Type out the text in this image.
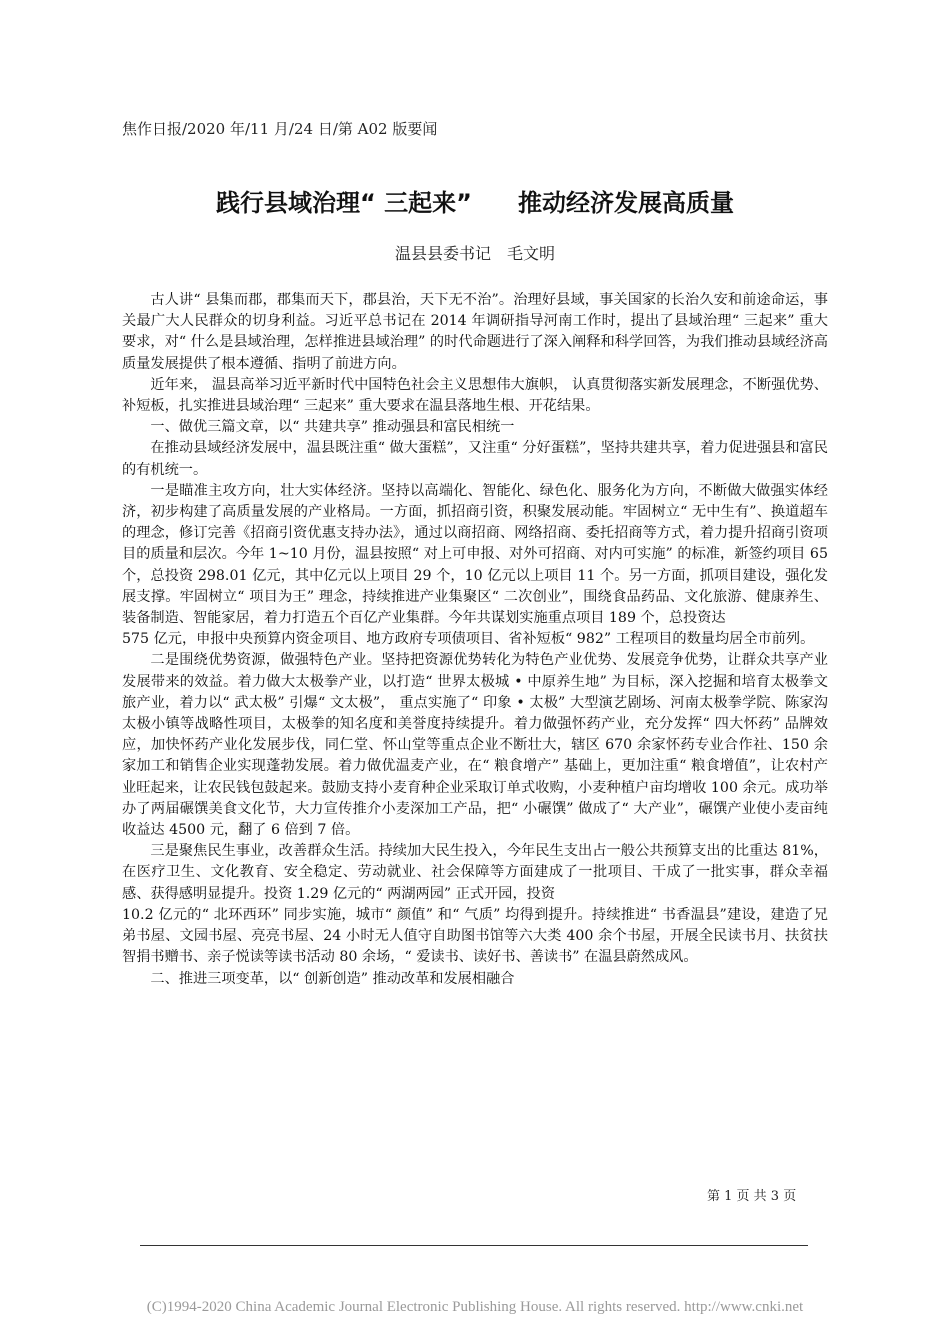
焦作日报/2020 年/11 月/24 日/第 A02 版要闻
践行县域治理“ 三起来” 推动经济发展高质量
温县县委书记 毛文明

古人讲“ 县集而郡，郡集而天下，郡县治，天下无不治”。治理好县域，事关国家的长治久安和前途命运，事关最广大人民群众的切身利益。习近平总书记在 2014 年调研指导河南工作时，提出了县域治理“ 三起来” 重大要求，对“ 什么是县域治理，怎样推进县域治理” 的时代命题进行了深入阐释和科学回答，为我们推动县域经济高质量发展提供了根本遵循、指明了前进方向。

近年来， 温县高举习近平新时代中国特色社会主义思想伟大旗帜， 认真贯彻落实新发展理念，不断强优势、补短板，扎实推进县域治理“ 三起来” 重大要求在温县落地生根、开花结果。

一、做优三篇文章，以“ 共建共享” 推动强县和富民相统一

在推动县域经济发展中，温县既注重“ 做大蛋糕”，又注重“ 分好蛋糕”，坚持共建共享，着力促进强县和富民的有机统一。

一是瞄准主攻方向，壮大实体经济。坚持以高端化、智能化、绿色化、服务化为方向，不断做大做强实体经济，初步构建了高质量发展的产业格局。一方面，抓招商引资，积聚发展动能。牢固树立“ 无中生有”、换道超车的理念，修订完善《招商引资优惠支持办法》，通过以商招商、网络招商、委托招商等方式，着力提升招商引资项目的质量和层次。今年 1~10 月份，温县按照“ 对上可申报、对外可招商、对内可实施” 的标准，新签约项目 65 个，总投资 298.01 亿元，其中亿元以上项目 29 个，10 亿元以上项目 11 个。另一方面，抓项目建设，强化发展支撑。牢固树立“ 项目为王” 理念，持续推进产业集聚区“ 二次创业”，围绕食品药品、文化旅游、健康养生、装备制造、智能家居，着力打造五个百亿产业集群。今年共谋划实施重点项目 189 个，总投资达

575 亿元，申报中央预算内资金项目、地方政府专项债项目、省补短板“ 982” 工程项目的数量均居全市前列。

二是围绕优势资源，做强特色产业。坚持把资源优势转化为特色产业优势、发展竞争优势，让群众共享产业发展带来的效益。着力做大太极拳产业，以打造“ 世界太极城 • 中原养生地” 为目标，深入挖掘和培育太极拳文旅产业，着力以“ 武太极” 引爆“ 文太极”， 重点实施了“ 印象 • 太极” 大型演艺剧场、河南太极拳学院、陈家沟太极小镇等战略性项目，太极拳的知名度和美誉度持续提升。着力做强怀药产业，充分发挥“ 四大怀药” 品牌效应，加快怀药产业化发展步伐，同仁堂、怀山堂等重点企业不断壮大，辖区 670 余家怀药专业合作社、150 余家加工和销售企业实现蓬勃发展。着力做优温麦产业，在“ 粮食增产” 基础上，更加注重“ 粮食增值”，让农村产业旺起来，让农民钱包鼓起来。鼓励支持小麦育种企业采取订单式收购，小麦种植户亩均增收 100 余元。成功举办了两届碾馔美食文化节，大力宣传推介小麦深加工产品，把“ 小碾馔” 做成了“ 大产业”，碾馔产业使小麦亩纯收益达 4500 元，翻了 6 倍到 7 倍。

三是聚焦民生事业，改善群众生活。持续加大民生投入，今年民生支出占一般公共预算支出的比重达 81%，在医疗卫生、文化教育、安全稳定、劳动就业、社会保障等方面建成了一批项目、干成了一批实事，群众幸福感、获得感明显提升。投资 1.29 亿元的“ 两湖两园” 正式开园，投资

10.2 亿元的“ 北环西环” 同步实施，城市“ 颜值” 和“ 气质” 均得到提升。持续推进“ 书香温县”建设，建造了兄弟书屋、文园书屋、亮亮书屋、24 小时无人值守自助图书馆等六大类 400 余个书屋，开展全民读书月、扶贫扶智捐书赠书、亲子悦读等读书活动 80 余场，“ 爱读书、读好书、善读书” 在温县蔚然成风。

二、推进三项变革，以“ 创新创造” 推动改革和发展相融合

第 1 页 共 3 页
(C)1994-2020 China Academic Journal Electronic Publishing House. All rights reserved. http://www.cnki.net
